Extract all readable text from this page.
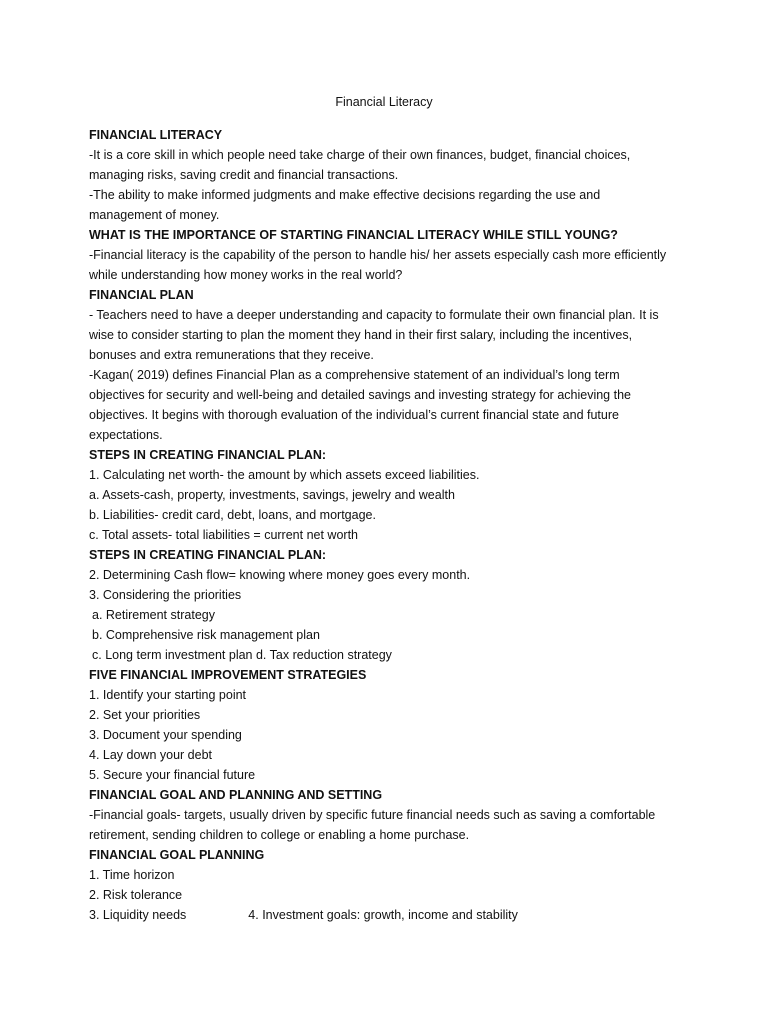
Financial Literacy
FINANCIAL LITERACY
-It is a core skill in which people need take charge of their own finances, budget, financial choices,
managing risks, saving credit and financial transactions.
-The ability to make informed judgments and make effective decisions regarding the use and
management of money.
WHAT IS THE IMPORTANCE OF STARTING FINANCIAL LITERACY WHILE STILL YOUNG?
-Financial literacy is the capability of the person to handle his/ her assets especially cash more efficiently
while understanding how money works in the real world?
FINANCIAL PLAN
- Teachers need to have a deeper understanding and capacity to formulate their own financial plan. It is
wise to consider starting to plan the moment they hand in their first salary, including the incentives,
bonuses and extra remunerations that they receive.
-Kagan( 2019) defines Financial Plan as a comprehensive statement of an individual’s long term
objectives for security and well-being and detailed savings and investing strategy for achieving the
objectives. It begins with thorough evaluation of the individual’s current financial state and future
expectations.
STEPS IN CREATING FINANCIAL PLAN:
1. Calculating net worth- the amount by which assets exceed liabilities.
a. Assets-cash, property, investments, savings, jewelry and wealth
b. Liabilities- credit card, debt, loans, and mortgage.
c. Total assets- total liabilities = current net worth
STEPS IN CREATING FINANCIAL PLAN:
2. Determining Cash flow= knowing where money goes every month.
3. Considering the priorities
a. Retirement strategy
b. Comprehensive risk management plan
c. Long term investment plan d. Tax reduction strategy
FIVE FINANCIAL IMPROVEMENT STRATEGIES
1. Identify your starting point
2. Set your priorities
3. Document your spending
4. Lay down your debt
5. Secure your financial future
FINANCIAL GOAL AND PLANNING AND SETTING
-Financial goals- targets, usually driven by specific future financial needs such as saving a comfortable
retirement, sending children to college or enabling a home purchase.
FINANCIAL GOAL PLANNING
1. Time horizon
2. Risk tolerance
3. Liquidity needs	4. Investment goals: growth, income and stability
